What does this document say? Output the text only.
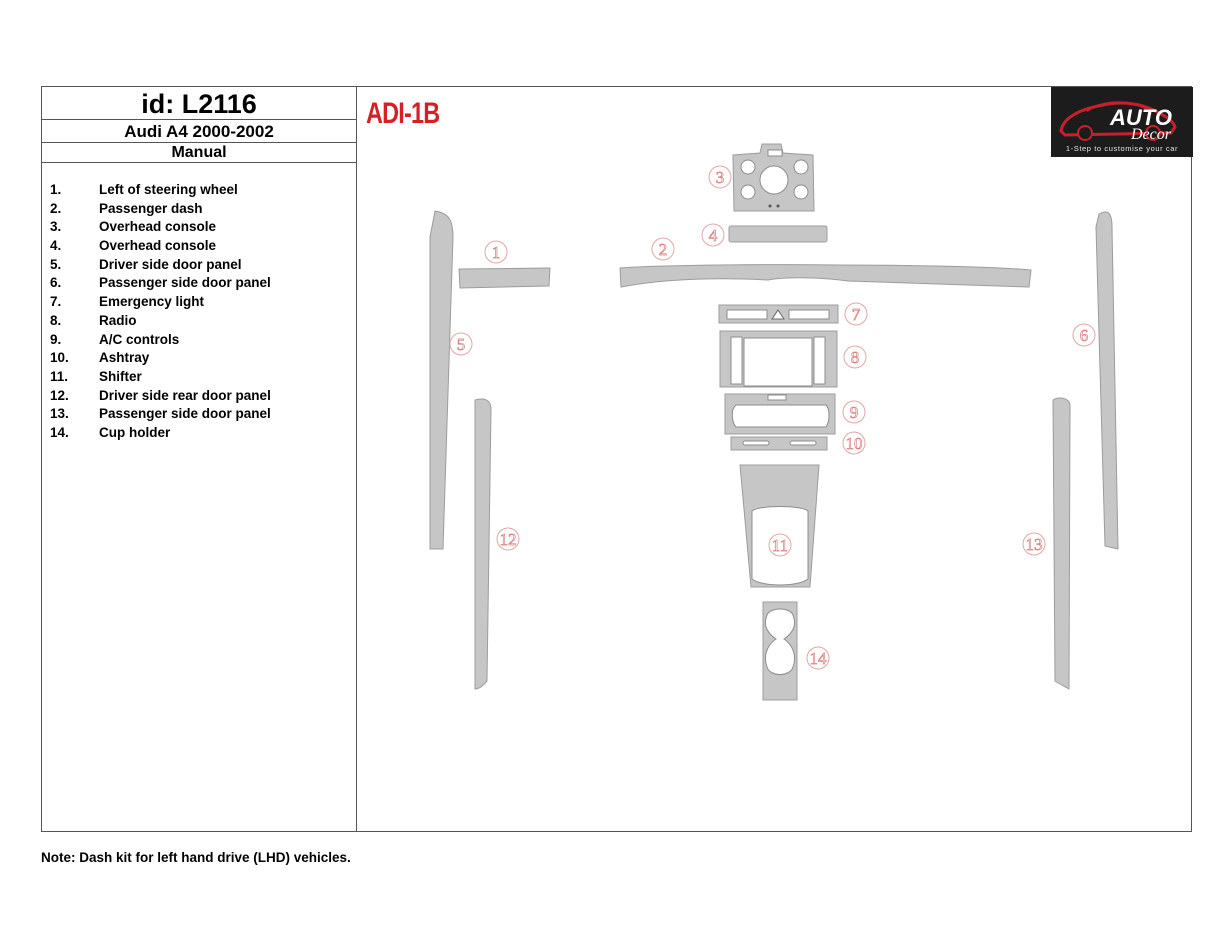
id: L2116
Audi A4 2000-2002
Manual
1.	Left of steering wheel
2.	Passenger dash
3.	Overhead console
4.	Overhead console
5.	Driver side door panel
6.	Passenger side door panel
7.	Emergency light
8.	Radio
9.	A/C controls
10. Ashtray
11. Shifter
12. Driver side rear door panel
13. Passenger side door panel
14. Cup holder
ADI-1B	AUTO
Decor
1-Step to customise your car
1	2
3
4
5	6
7
8
9
10
11
12	13
14
Note: Dash kit for left hand drive (LHD) vehicles.
